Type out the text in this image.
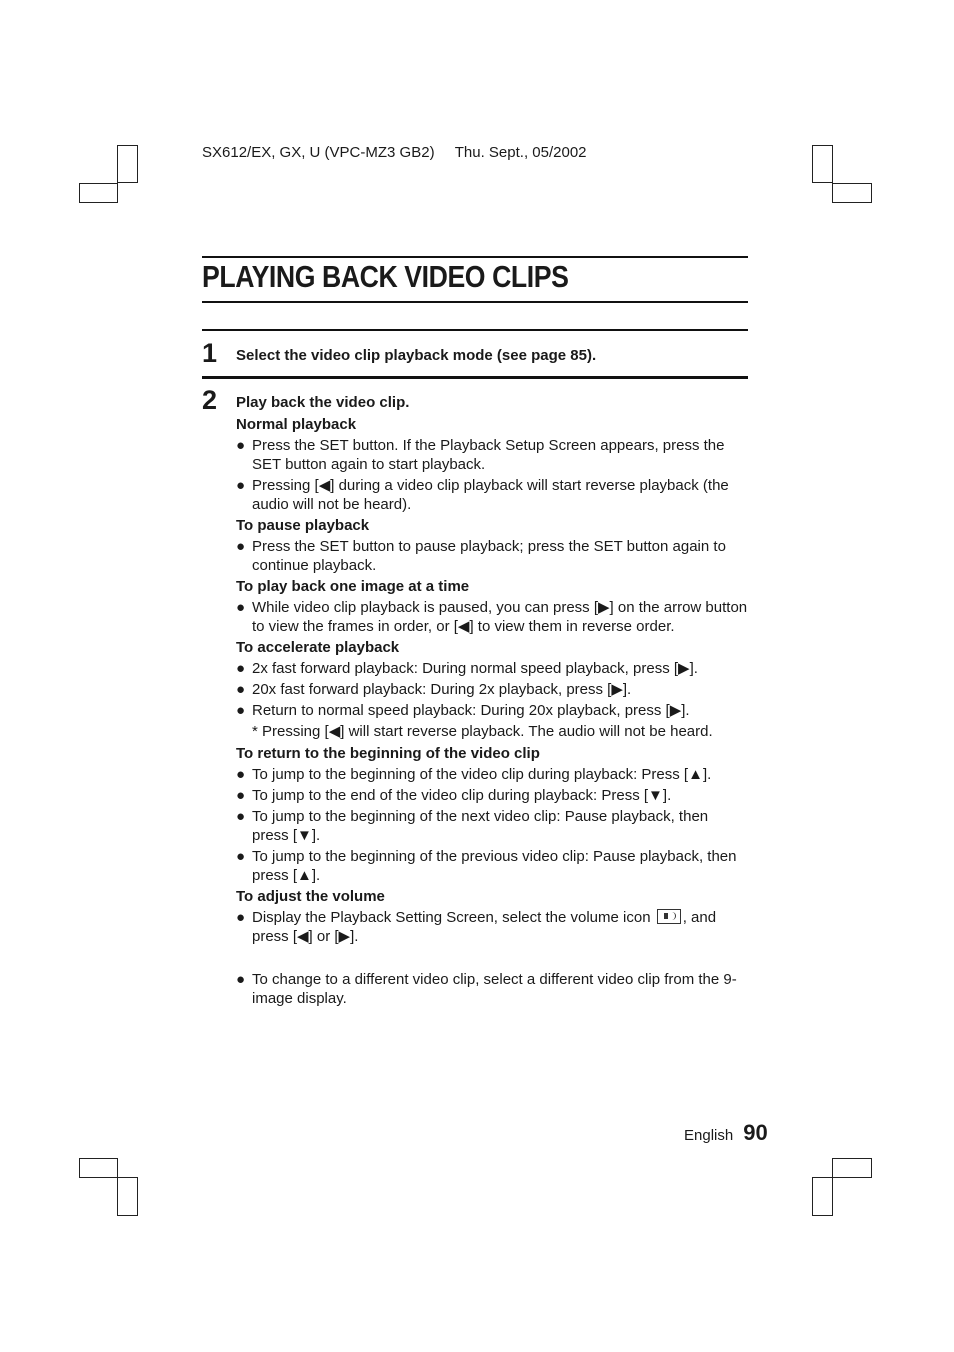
SX612/EX, GX, U (VPC-MZ3 GB2) Thu. Sept., 05/2002
PLAYING BACK VIDEO CLIPS
1 Select the video clip playback mode (see page 85).
2 Play back the video clip.
Normal playback
● Press the SET button. If the Playback Setup Screen appears, press the SET button again to start playback.
● Pressing [◀] during a video clip playback will start reverse playback (the audio will not be heard).
To pause playback
● Press the SET button to pause playback; press the SET button again to continue playback.
To play back one image at a time
● While video clip playback is paused, you can press [▶] on the arrow button to view the frames in order, or [◀] to view them in reverse order.
To accelerate playback
● 2x fast forward playback: During normal speed playback, press [▶].
● 20x fast forward playback: During 2x playback, press [▶].
● Return to normal speed playback: During 20x playback, press [▶].
* Pressing [◀] will start reverse playback. The audio will not be heard.
To return to the beginning of the video clip
● To jump to the beginning of the video clip during playback: Press [▲].
● To jump to the end of the video clip during playback: Press [▼].
● To jump to the beginning of the next video clip: Pause playback, then press [▼].
● To jump to the beginning of the previous video clip: Pause playback, then press [▲].
To adjust the volume
● Display the Playback Setting Screen, select the volume icon , and press [◀] or [▶].
● To change to a different video clip, select a different video clip from the 9-image display.
English 90
